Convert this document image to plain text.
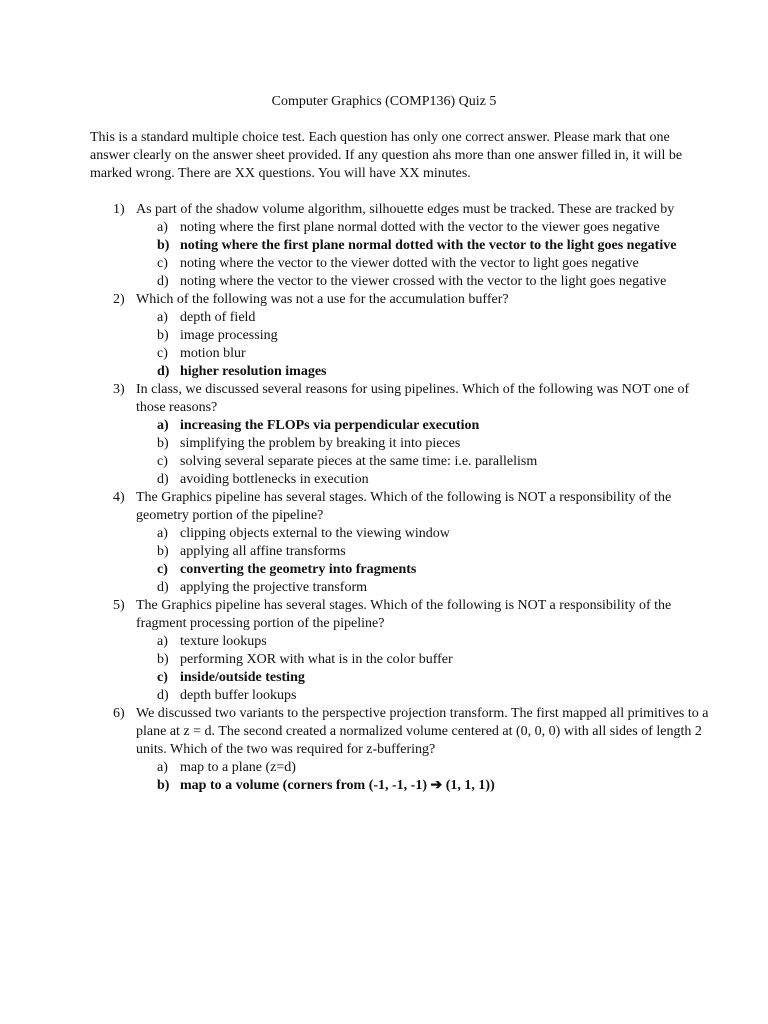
Computer Graphics (COMP136) Quiz 5
This is a standard multiple choice test. Each question has only one correct answer. Please mark that one answer clearly on the answer sheet provided. If any question ahs more than one answer filled in, it will be marked wrong. There are XX questions. You will have XX minutes.
1) As part of the shadow volume algorithm, silhouette edges must be tracked. These are tracked by
a) noting where the first plane normal dotted with the vector to the viewer goes negative
b) noting where the first plane normal dotted with the vector to the light goes negative
c) noting where the vector to the viewer dotted with the vector to light goes negative
d) noting where the vector to the viewer crossed with the vector to the light goes negative
2) Which of the following was not a use for the accumulation buffer?
a) depth of field
b) image processing
c) motion blur
d) higher resolution images
3) In class, we discussed several reasons for using pipelines. Which of the following was NOT one of those reasons?
a) increasing the FLOPs via perpendicular execution
b) simplifying the problem by breaking it into pieces
c) solving several separate pieces at the same time: i.e. parallelism
d) avoiding bottlenecks in execution
4) The Graphics pipeline has several stages. Which of the following is NOT a responsibility of the geometry portion of the pipeline?
a) clipping objects external to the viewing window
b) applying all affine transforms
c) converting the geometry into fragments
d) applying the projective transform
5) The Graphics pipeline has several stages. Which of the following is NOT a responsibility of the fragment processing portion of the pipeline?
a) texture lookups
b) performing XOR with what is in the color buffer
c) inside/outside testing
d) depth buffer lookups
6) We discussed two variants to the perspective projection transform. The first mapped all primitives to a plane at z = d. The second created a normalized volume centered at (0, 0, 0) with all sides of length 2 units. Which of the two was required for z-buffering?
a) map to a plane (z=d)
b) map to a volume (corners from (-1, -1, -1) ➔ (1, 1, 1))
